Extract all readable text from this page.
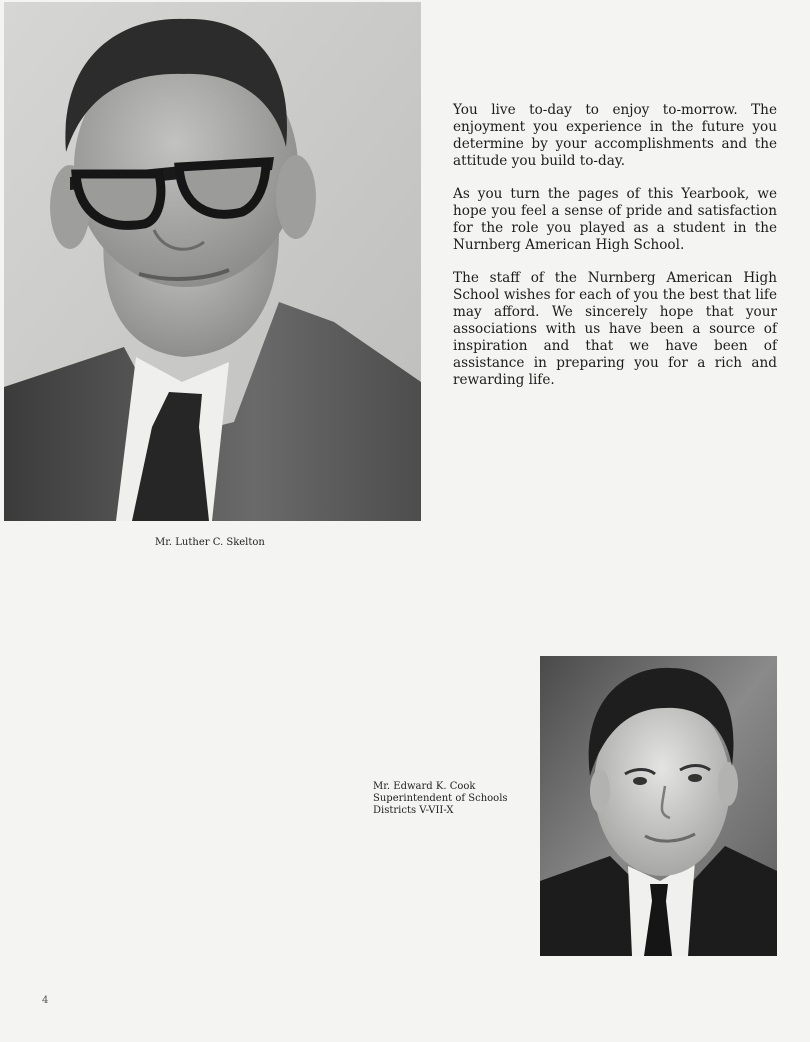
Mr. Luther C. Skelton

You live to-day to enjoy to-morrow. The enjoyment you experience in the future you determine by your accomplishments and the attitude you build to-day.

As you turn the pages of this Yearbook, we hope you feel a sense of pride and satisfaction for the role you played as a student in the Nurnberg American High School.

The staff of the Nurnberg American High School wishes for each of you the best that life may afford. We sincerely hope that your associations with us have been a source of inspiration and that we have been of assistance in preparing you for a rich and rewarding life.

Mr. Edward K. Cook
Superintendent of Schools
Districts V-VII-X
4
